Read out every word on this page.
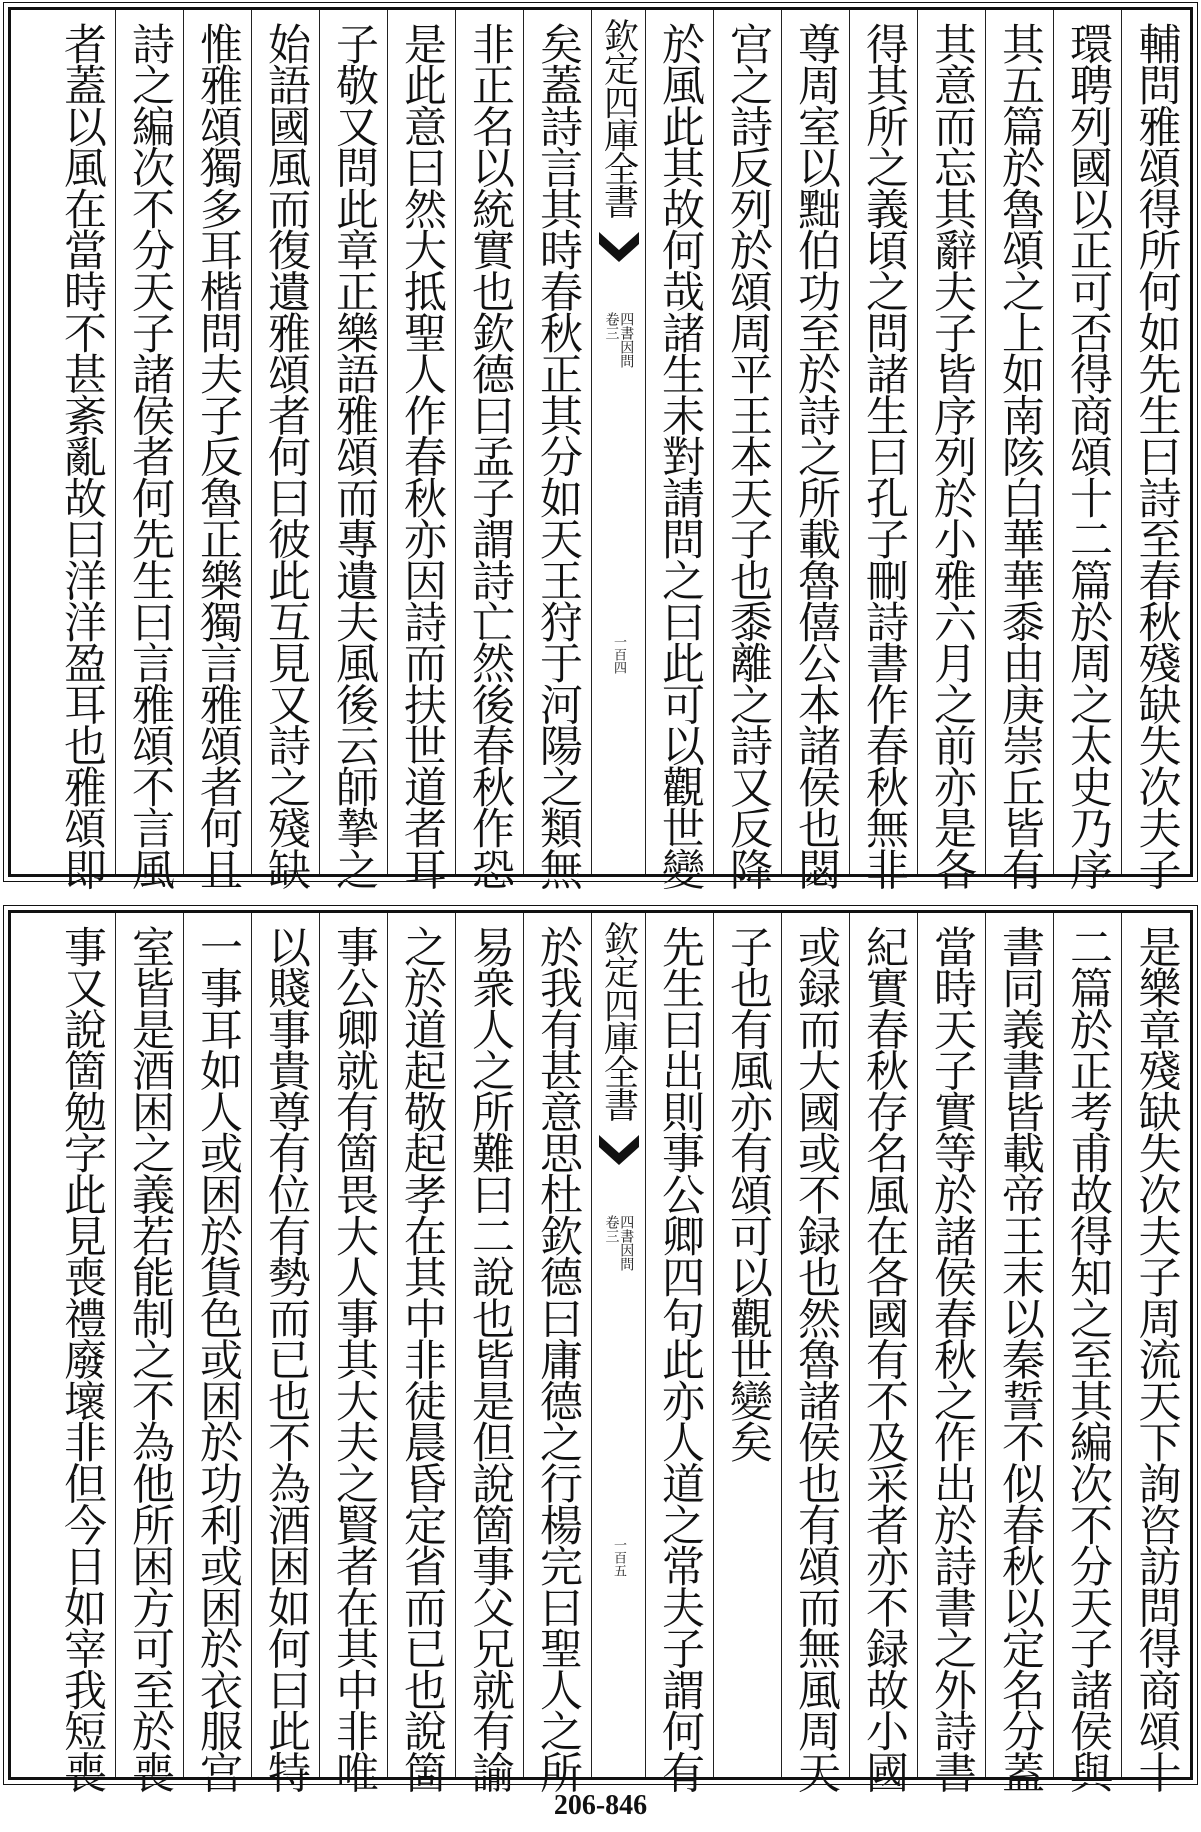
輔問雅頌得所何如先生曰詩至春秋殘缺失次夫子
環聘列國以正可否得商頌十二篇於周之太史乃序
其五篇於魯頌之上如南陔白華華黍由庚崇丘皆有
其意而忘其辭夫子皆序列於小雅六月之前亦是各
得其所之義頃之問諸生曰孔子刪詩書作春秋無非
尊周室以黜伯功至於詩之所載魯僖公本諸侯也閟
宫之詩反列於頌周平王本天子也黍離之詩又反降
於風此其故何哉諸生未對請問之曰此可以觀世變
欽定四庫全書
四書因問
卷三
一百四
矣蓋詩言其時春秋正其分如天王狩于河陽之類無
非正名以統實也欽德曰孟子謂詩亡然後春秋作恐
是此意曰然大抵聖人作春秋亦因詩而扶世道者耳
子敬又問此章正樂語雅頌而專遺夫風後云師摯之
始語國風而復遺雅頌者何曰彼此互見又詩之殘缺
惟雅頌獨多耳楷問夫子反魯正樂獨言雅頌者何且
詩之編次不分天子諸侯者何先生曰言雅頌不言風
者蓋以風在當時不甚紊亂故曰洋洋盈耳也雅頌即
是樂章殘缺失次夫子周流天下詢咨訪問得商頌十
二篇於正考甫故得知之至其編次不分天子諸侯與
書同義書皆載帝王末以秦誓不似春秋以定名分蓋
當時天子實等於諸侯春秋之作出於詩書之外詩書
紀實春秋存名風在各國有不及采者亦不録故小國
或録而大國或不録也然魯諸侯也有頌而無風周天
子也有風亦有頌可以觀世變矣
先生曰出則事公卿四句此亦人道之常夫子謂何有
欽定四庫全書
四書因問
卷三
一百五
於我有甚意思杜欽德曰庸德之行楊完曰聖人之所
易衆人之所難曰二說也皆是但說箇事父兄就有諭
之於道起敬起孝在其中非徒晨昏定省而已也說箇
事公卿就有箇畏大人事其大夫之賢者在其中非唯
以賤事貴尊有位有勢而已也不為酒困如何曰此特
一事耳如人或困於貨色或困於功利或困於衣服宫
室皆是酒困之義若能制之不為他所困方可至於喪
事又說箇勉字此見喪禮廢壞非但今日如宰我短喪
206-846
